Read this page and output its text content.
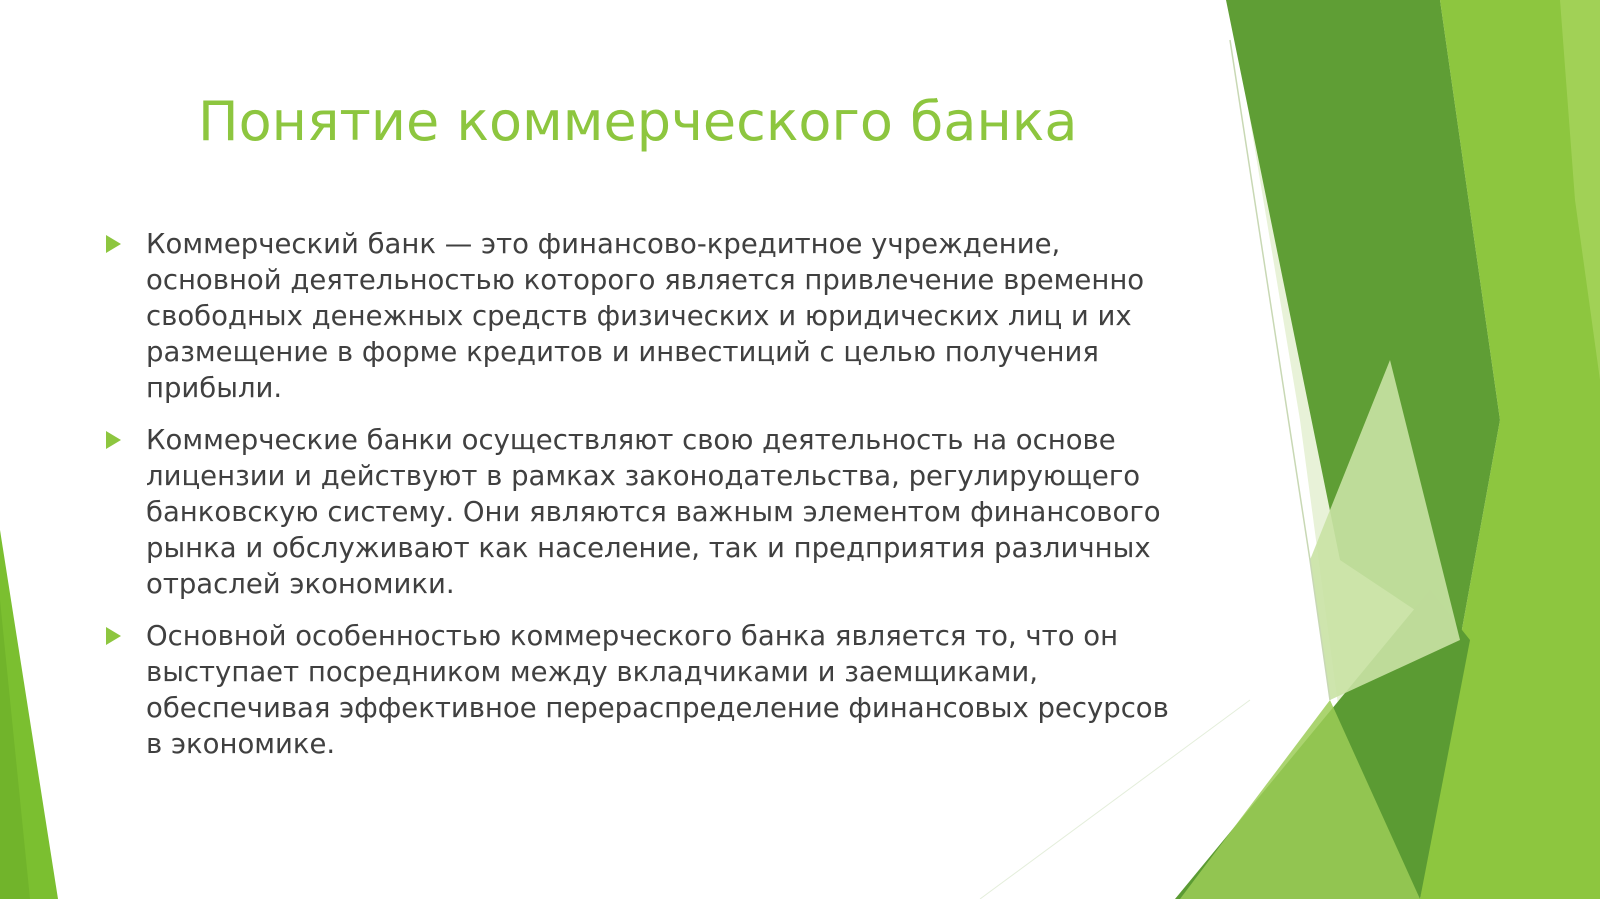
Понятие коммерческого банка
Коммерческий банк — это финансово-кредитное учреждение, основной деятельностью которого является привлечение временно свободных денежных средств физических и юридических лиц и их размещение в форме кредитов и инвестиций с целью получения прибыли.
Коммерческие банки осуществляют свою деятельность на основе лицензии и действуют в рамках законодательства, регулирующего банковскую систему. Они являются важным элементом финансового рынка и обслуживают как население, так и предприятия различных отраслей экономики.
Основной особенностью коммерческого банка является то, что он выступает посредником между вкладчиками и заемщиками, обеспечивая эффективное перераспределение финансовых ресурсов в экономике.
